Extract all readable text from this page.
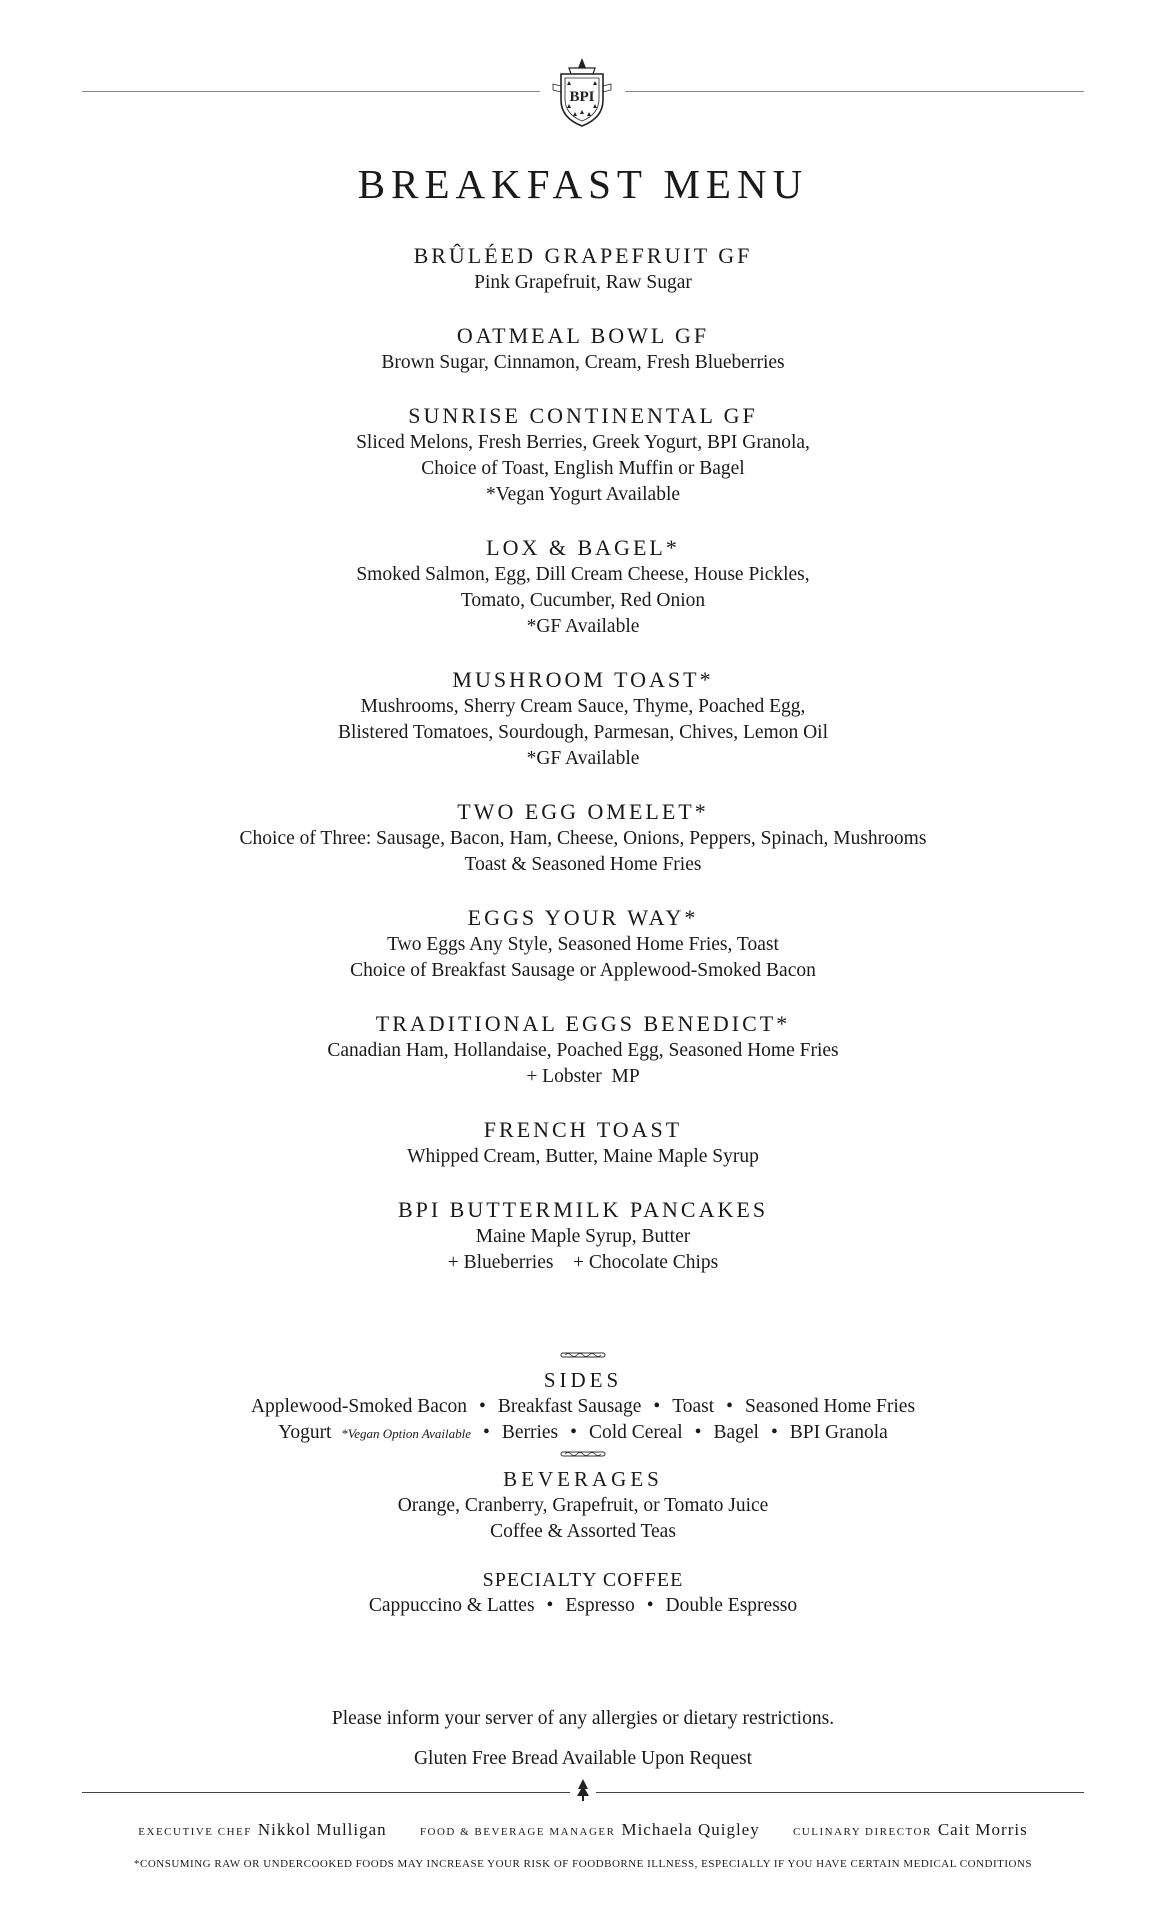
BPI
BREAKFAST MENU
BRÛLÉED GRAPEFRUIT GF
Pink Grapefruit, Raw Sugar
OATMEAL BOWL GF
Brown Sugar, Cinnamon, Cream, Fresh Blueberries
SUNRISE CONTINENTAL GF
Sliced Melons, Fresh Berries, Greek Yogurt, BPI Granola,
Choice of Toast, English Muffin or Bagel
*Vegan Yogurt Available
LOX & BAGEL*
Smoked Salmon, Egg, Dill Cream Cheese, House Pickles,
Tomato, Cucumber, Red Onion
*GF Available
MUSHROOM TOAST*
Mushrooms, Sherry Cream Sauce, Thyme, Poached Egg,
Blistered Tomatoes, Sourdough, Parmesan, Chives, Lemon Oil
*GF Available
TWO EGG OMELET*
Choice of Three: Sausage, Bacon, Ham, Cheese, Onions, Peppers, Spinach, Mushrooms
Toast & Seasoned Home Fries
EGGS YOUR WAY*
Two Eggs Any Style, Seasoned Home Fries, Toast
Choice of Breakfast Sausage or Applewood-Smoked Bacon
TRADITIONAL EGGS BENEDICT*
Canadian Ham, Hollandaise, Poached Egg, Seasoned Home Fries
+ Lobster  MP
FRENCH TOAST
Whipped Cream, Butter, Maine Maple Syrup
BPI BUTTERMILK PANCAKES
Maine Maple Syrup, Butter
+ Blueberries    + Chocolate Chips
SIDES
Applewood-Smoked Bacon • Breakfast Sausage • Toast • Seasoned Home Fries
Yogurt *Vegan Option Available • Berries • Cold Cereal • Bagel • BPI Granola
BEVERAGES
Orange, Cranberry, Grapefruit, or Tomato Juice
Coffee & Assorted Teas
SPECIALTY COFFEE
Cappuccino & Lattes • Espresso • Double Espresso
Please inform your server of any allergies or dietary restrictions.
Gluten Free Bread Available Upon Request
EXECUTIVE CHEF Nikkol Mulligan	FOOD & BEVERAGE MANAGER Michaela Quigley	CULINARY DIRECTOR Cait Morris
*CONSUMING RAW OR UNDERCOOKED FOODS MAY INCREASE YOUR RISK OF FOODBORNE ILLNESS, ESPECIALLY IF YOU HAVE CERTAIN MEDICAL CONDITIONS
